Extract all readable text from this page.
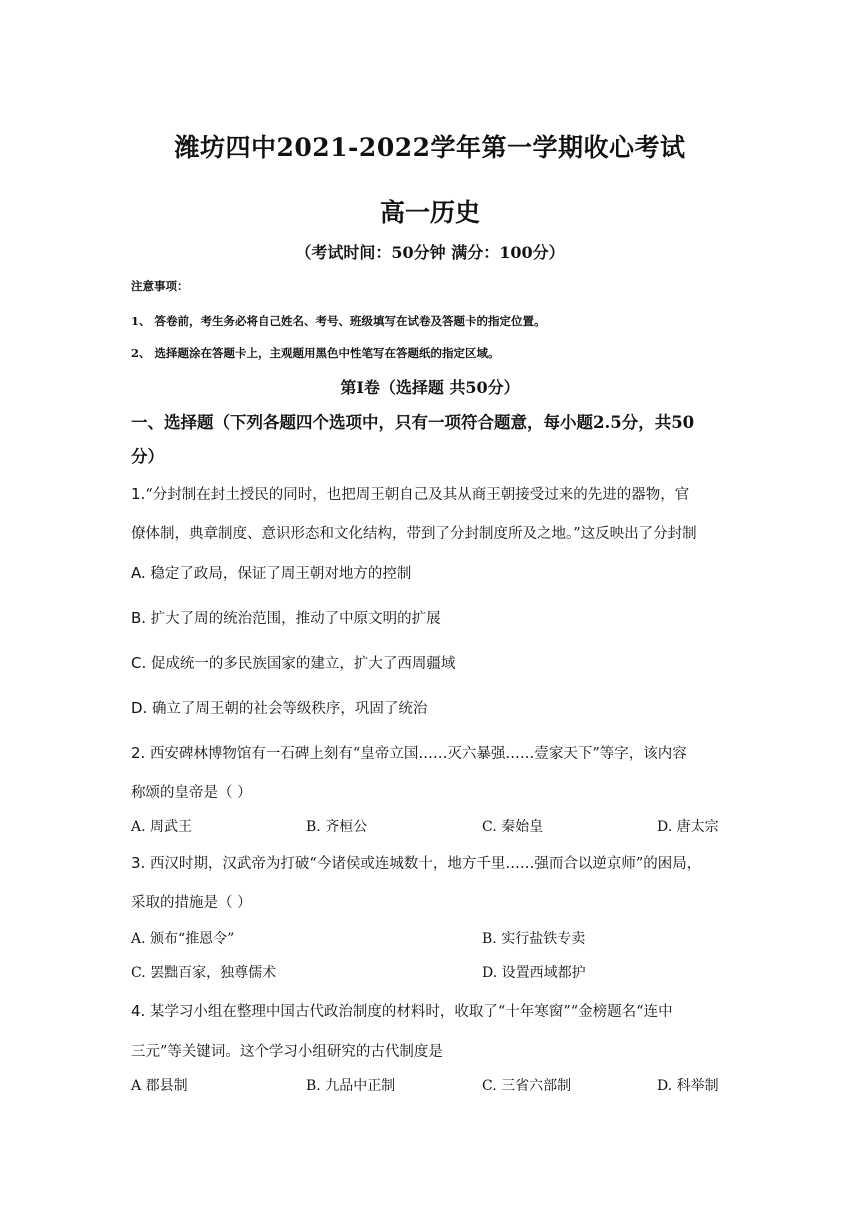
潍坊四中2021-2022学年第一学期收心考试
高一历史
（考试时间：50分钟 满分：100分）
注意事项：
1、 答卷前，考生务必将自己姓名、考号、班级填写在试卷及答题卡的指定位置。
2、 选择题涂在答题卡上，主观题用黑色中性笔写在答题纸的指定区域。
第Ⅰ卷（选择题 共50分）
一、选择题（下列各题四个选项中，只有一项符合题意，每小题2.5分，共50
分）
1.“分封制在封土授民的同时，也把周王朝自己及其从商王朝接受过来的先进的器物，官
僚体制，典章制度、意识形态和文化结构，带到了分封制度所及之地。”这反映出了分封制
A. 稳定了政局，保证了周王朝对地方的控制
B. 扩大了周的统治范围，推动了中原文明的扩展
C. 促成统一的多民族国家的建立，扩大了西周疆域
D. 确立了周王朝的社会等级秩序，巩固了统治
2. 西安碑林博物馆有一石碑上刻有“皇帝立国……灭六暴强……壹家天下”等字，该内容
称颂的皇帝是（ ）
A. 周武王	B. 齐桓公	C. 秦始皇	D. 唐太宗
3. 西汉时期，汉武帝为打破“今诸侯或连城数十，地方千里……强而合以逆京师”的困局，
采取的措施是（ ）
A. 颁布“推恩令”	B. 实行盐铁专卖
C. 罢黜百家，独尊儒术	D. 设置西域都护
4. 某学习小组在整理中国古代政治制度的材料时，收取了“十年寒窗”“金榜题名“连中
三元”等关键词。这个学习小组研究的古代制度是
A 郡县制	B. 九品中正制	C. 三省六部制	D. 科举制
